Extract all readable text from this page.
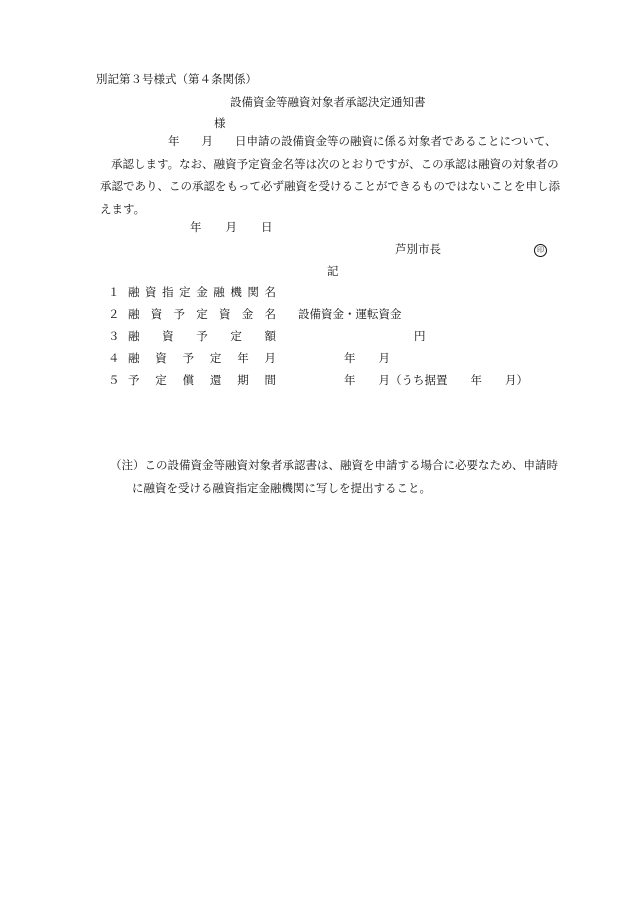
別記第３号様式（第４条関係）
設備資金等融資対象者承認決定通知書
様
年 月 日申請の設備資金等の融資に係る対象者であることについて、
承認します。なお、融資予定資金名等は次のとおりですが、この承認は融資の対象者の承認であり、この承認をもって必ず融資を受けることができるものではないことを申し添えます。
年 月 日
芦別市長	印
記
１ 融資指定金融機関名
２ 融資予定資金名 設備資金・運転資金
３ 融資予定額	円
４ 融資予定年月	年　　月
５ 予定償還期間	年　　月（うち据置　　年　　月）
（注）この設備資金等融資対象者承認書は、融資を申請する場合に必要なため、申請時
に融資を受ける融資指定金融機関に写しを提出すること。
